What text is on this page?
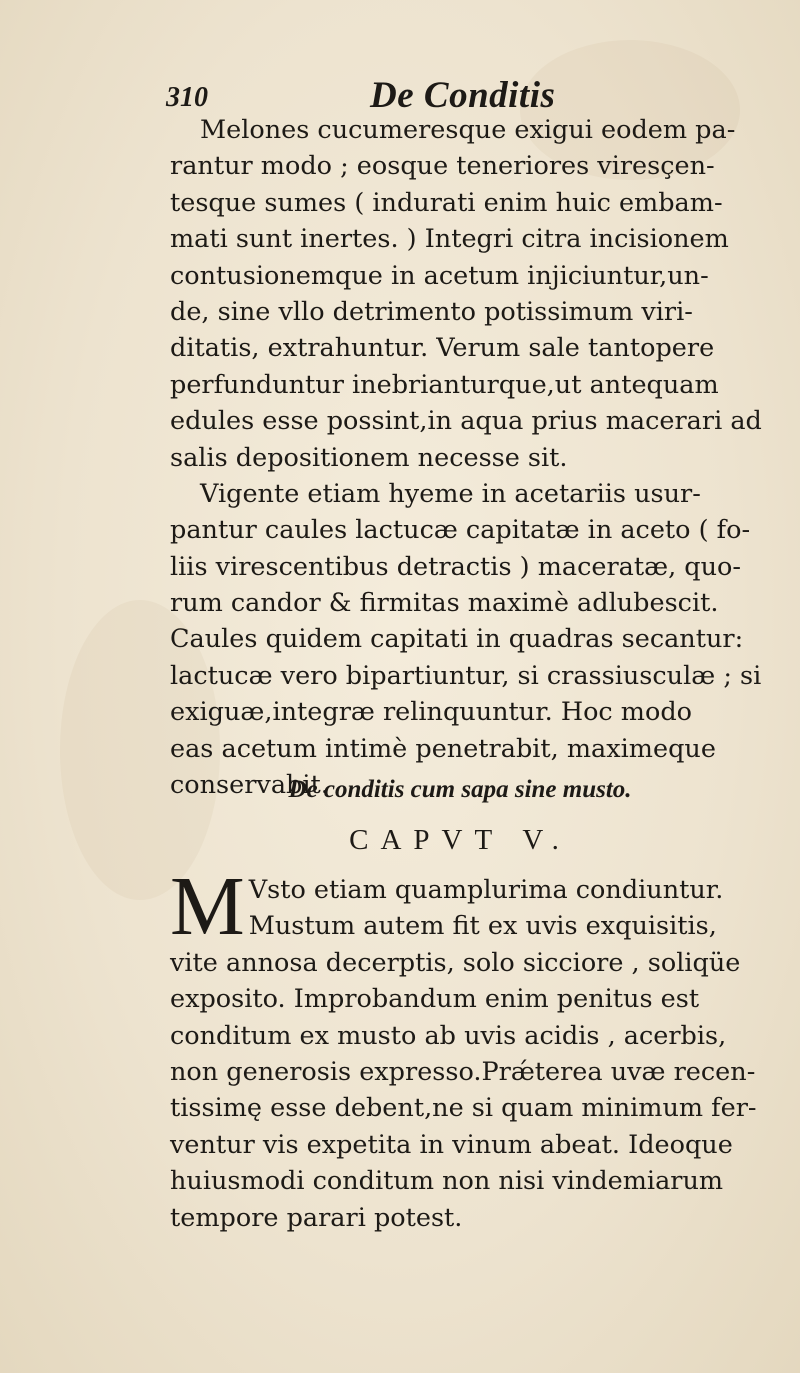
310	De Conditis
Melones cucumeresque exigui eodem pa-
rantur modo ; eosque teneriores viresçen-
tesque sumes ( indurati enim huic embam-
mati sunt inertes. ) Integri citra incisionem
contusionemque in acetum injiciuntur,un-
de, sine vllo detrimento potissimum viri-
ditatis, extrahuntur. Verum sale tantopere
perfunduntur inebrianturque,ut antequam
edules esse possint,in aqua prius macerari ad
salis depositionem necesse sit.
Vigente etiam hyeme in acetariis usur-
pantur caules lactucæ capitatæ in aceto ( fo-
liis virescentibus detractis ) maceratæ, quo-
rum candor & firmitas maximè adlubescit.
Caules quidem capitati in quadras secantur:
lactucæ vero bipartiuntur, si crassiusculæ ; si
exiguæ,integræ relinquuntur. Hoc modo
eas acetum intimè penetrabit, maximeque
conservabit.
De conditis cum sapa sine musto.
CAPVT V.
M Vsto etiam quamplurima condiuntur.
Mustum autem fit ex uvis exquisitis,
vite annosa decerptis, solo sicciore , soliqüe
exposito. Improbandum enim penitus est
conditum ex musto ab uvis acidis , acerbis,
non generosis expresso.Prǽterea uvæ recen-
tissimę esse debent,ne si quam minimum fer-
ventur vis expetita in vinum abeat. Ideoque
huiusmodi conditum non nisi vindemiarum
tempore parari potest.
